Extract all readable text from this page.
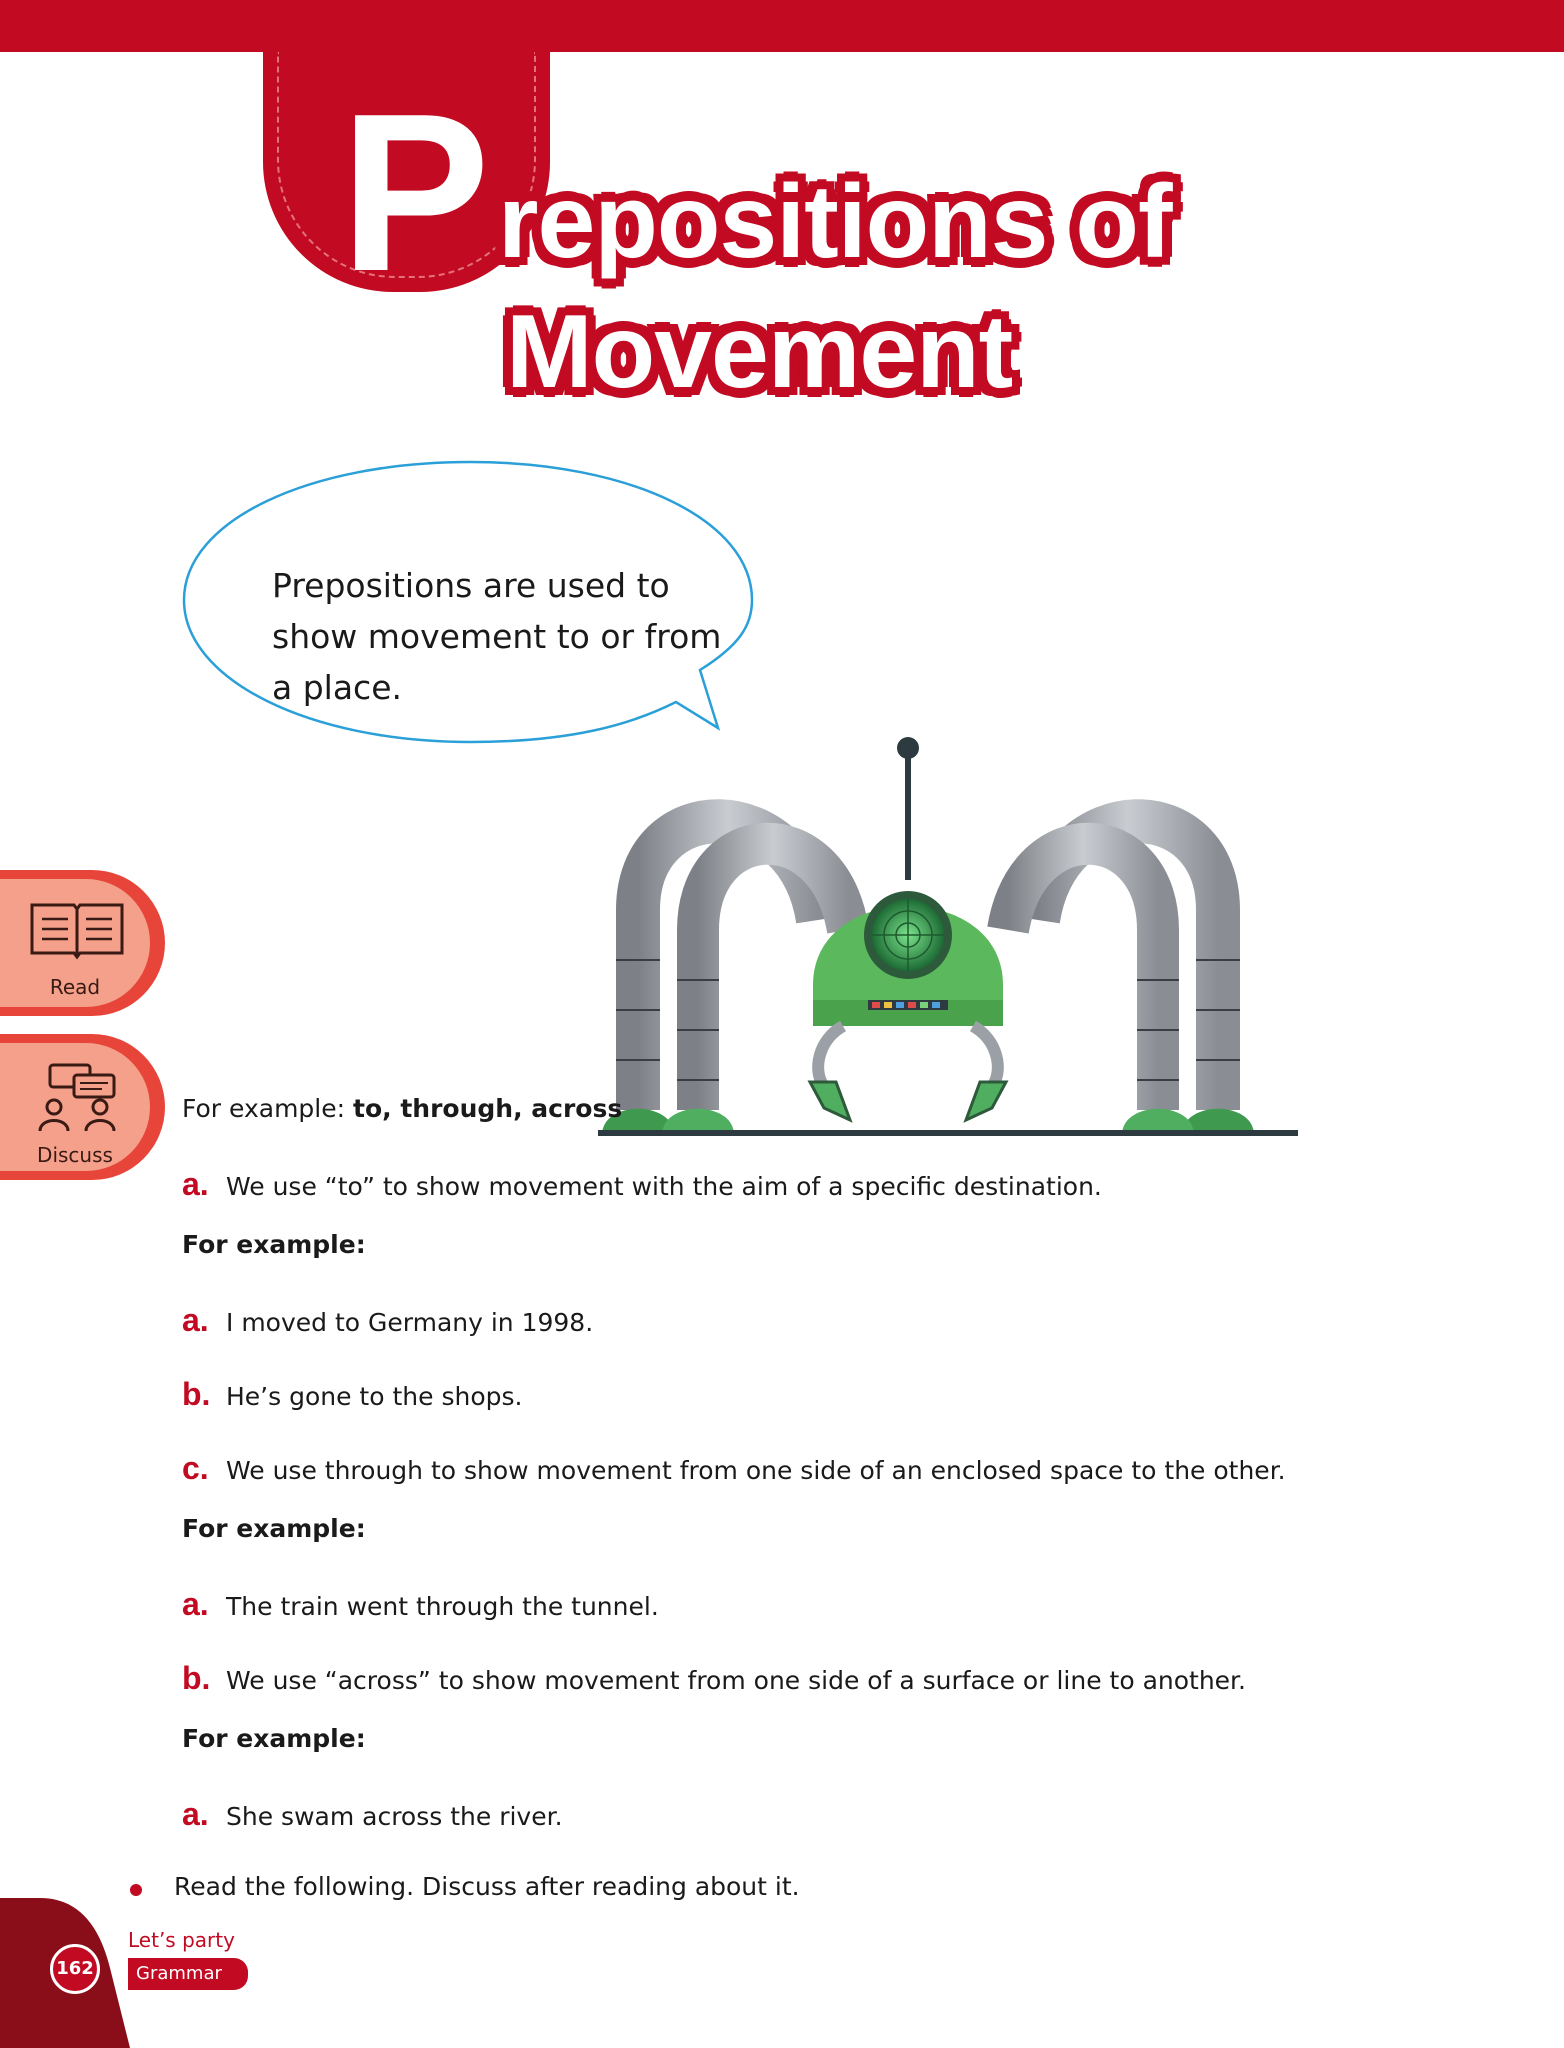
P repositions of
Movement
Prepositions are used to show movement to or from a place.
Read
Discuss
For example: to, through, across
a. We use “to” to show movement with the aim of a specific destination.
For example:
a. I moved to Germany in 1998.
b. He’s gone to the shops.
c. We use through to show movement from one side of an enclosed space to the other.
For example:
a. The train went through the tunnel.
b. We use “across” to show movement from one side of a surface or line to another.
For example:
a. She swam across the river.
Read the following. Discuss after reading about it.
162
Let’s party
Grammar
